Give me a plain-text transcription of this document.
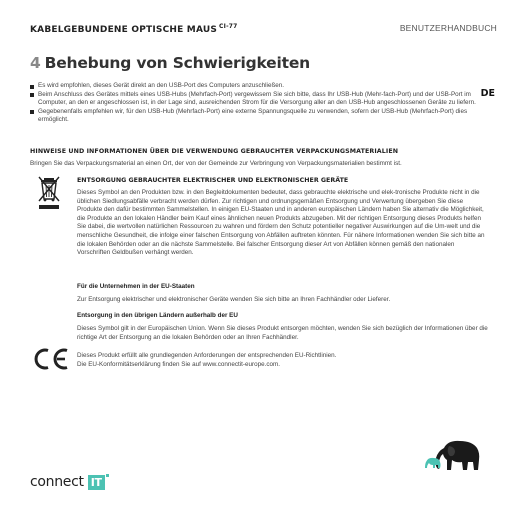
KABELGEBUNDENE OPTISCHE MAUS $^{CI-77}$	BENUTZERHANDBUCH
4 Behebung von Schwierigkeiten
DE
Es wird empfohlen, dieses Gerät direkt an den USB-Port des Computers anzuschließen.
Beim Anschluss des Gerätes mittels eines USB-Hubs (Mehrfach-Port) vergewissern Sie sich bitte, dass Ihr USB-Hub (Mehr-fach-Port) und der USB-Port im Computer, an den er angeschlossen ist, in der Lage sind, ausreichenden Strom für die Versorgung aller an den USB-Hub angeschlossenen Geräte zu liefern.
Gegebenenfalls empfehlen wir, für den USB-Hub (Mehrfach-Port) eine externe Spannungsquelle zu verwenden, sofern der USB-Hub (Mehrfach-Port) dies ermöglicht.
HINWEISE UND INFORMATIONEN ÜBER DIE VERWENDUNG GEBRAUCHTER VERPACKUNGSMATERIALIEN
Bringen Sie das Verpackungsmaterial an einen Ort, der von der Gemeinde zur Verbringung von Verpackungsmaterialien bestimmt ist.
ENTSORGUNG GEBRAUCHTER ELEKTRISCHER UND ELEKTRONISCHER GERÄTE

Dieses Symbol an den Produkten bzw. in den Begleitdokumenten bedeutet, dass gebrauchte elektrische und elek-tronische Produkte nicht in die üblichen Siedlungsabfälle verbracht werden dürfen. Zur richtigen und ordnungsgemäßen Entsorgung und Verwertung übergeben Sie diese Produkte den dafür bestimmten Sammelstellen. In einigen EU-Staaten und in anderen europäischen Ländern haben Sie alternativ die Möglichkeit, die Produkte an den lokalen Händler beim Kauf eines ähnlichen neuen Produkts abzugeben. Mit der richtigen Entsorgung dieses Produkts helfen Sie dabei, die wertvollen natürlichen Ressourcen zu wahren und fördern den Schutz potentieller negativer Auswirkungen auf die Um-welt und die menschliche Gesundheit, die infolge einer falschen Entsorgung von Abfällen auftreten könnten. Für nähere Informationen wenden Sie sich bitte an die lokalen Behörden oder an die nächste Sammelstelle. Bei falscher Entsorgung dieser Art von Abfällen können gemäß den nationalen Vorschriften Geldbußen verhängt werden.

Für die Unternehmen in der EU-Staaten

Zur Entsorgung elektrischer und elektronischer Geräte wenden Sie sich bitte an Ihren Fachhändler oder Lieferer.

Entsorgung in den übrigen Ländern außerhalb der EU

Dieses Symbol gilt in der Europäischen Union. Wenn Sie dieses Produkt entsorgen möchten, wenden Sie sich bezüglich der Informationen über die richtige Art der Entsorgung an die lokalen Behörden oder an Ihren Fachhändler.

Dieses Produkt erfüllt alle grundlegenden Anforderungen der entsprechenden EU-Richtlinien.

Die EU-Konformitätserklärung finden Sie auf www.connectit-europe.com.

connect IT
